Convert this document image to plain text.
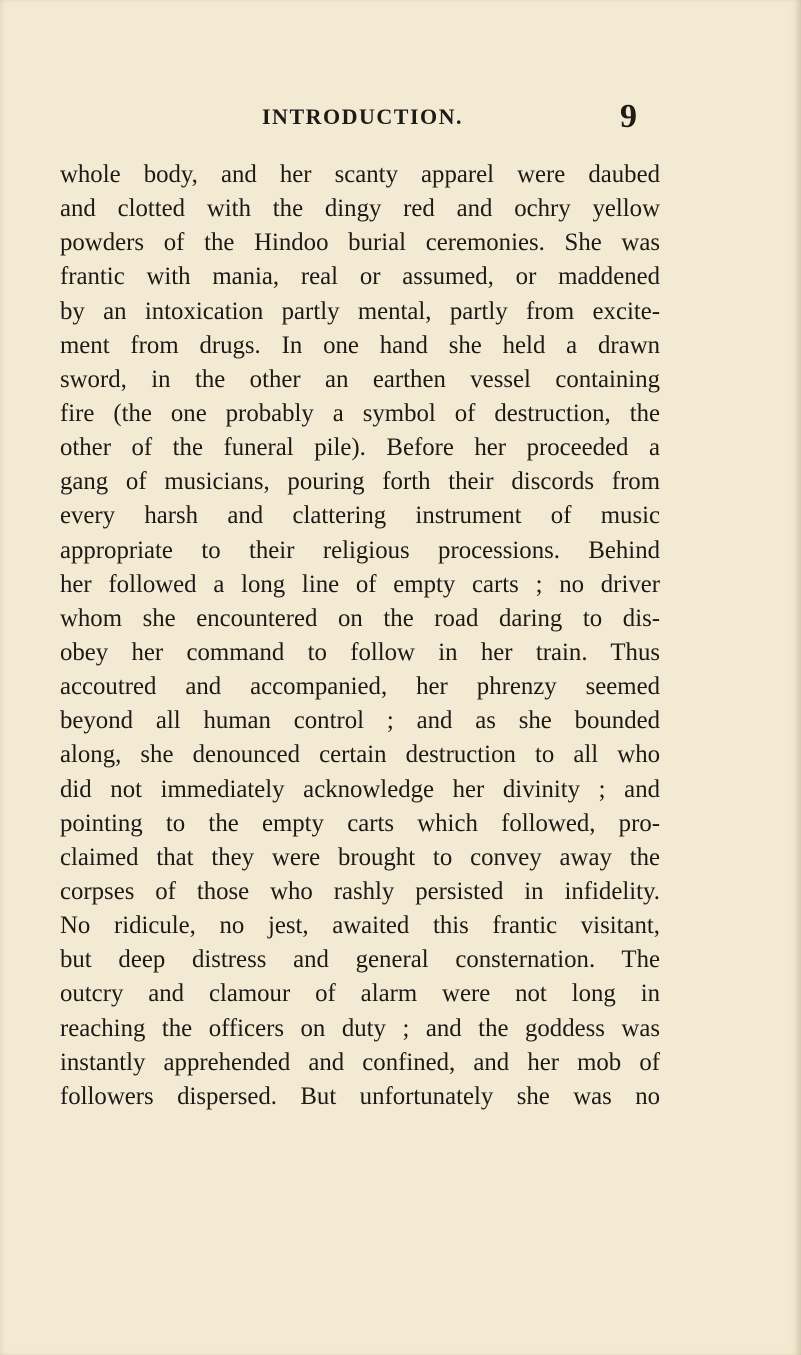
INTRODUCTION.	9
whole body, and her scanty apparel were daubed
and clotted with the dingy red and ochry yellow
powders of the Hindoo burial ceremonies. She was
frantic with mania, real or assumed, or maddened
by an intoxication partly mental, partly from excite-
ment from drugs. In one hand she held a drawn
sword, in the other an earthen vessel containing
fire (the one probably a symbol of destruction, the
other of the funeral pile). Before her proceeded a
gang of musicians, pouring forth their discords from
every harsh and clattering instrument of music
appropriate to their religious processions. Behind
her followed a long line of empty carts ; no driver
whom she encountered on the road daring to dis-
obey her command to follow in her train. Thus
accoutred and accompanied, her phrenzy seemed
beyond all human control ; and as she bounded
along, she denounced certain destruction to all who
did not immediately acknowledge her divinity ; and
pointing to the empty carts which followed, pro-
claimed that they were brought to convey away the
corpses of those who rashly persisted in infidelity.
No ridicule, no jest, awaited this frantic visitant,
but deep distress and general consternation. The
outcry and clamour of alarm were not long in
reaching the officers on duty ; and the goddess was
instantly apprehended and confined, and her mob of
followers dispersed. But unfortunately she was no
